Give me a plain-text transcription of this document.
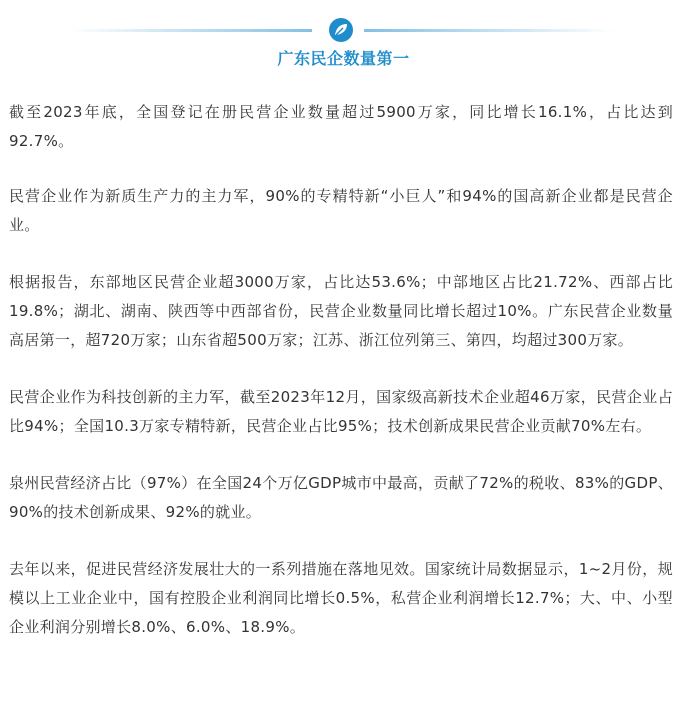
广东民企数量第一

截至2023年底，全国登记在册民营企业数量超过5900万家，同比增长16.1%，占比达到92.7%。

民营企业作为新质生产力的主力军，90%的专精特新“小巨人”和94%的国高新企业都是民营企业。

根据报告，东部地区民营企业超3000万家，占比达53.6%；中部地区占比21.72%、西部占比19.8%；湖北、湖南、陕西等中西部省份，民营企业数量同比增长超过10%。广东民营企业数量高居第一，超720万家；山东省超500万家；江苏、浙江位列第三、第四，均超过300万家。

民营企业作为科技创新的主力军，截至2023年12月，国家级高新技术企业超46万家，民营企业占比94%；全国10.3万家专精特新，民营企业占比95%；技术创新成果民营企业贡献70%左右。

泉州民营经济占比（97%）在全国24个万亿GDP城市中最高，贡献了72%的税收、83%的GDP、90%的技术创新成果、92%的就业。

去年以来，促进民营经济发展壮大的一系列措施在落地见效。国家统计局数据显示，1~2月份，规模以上工业企业中，国有控股企业利润同比增长0.5%，私营企业利润增长12.7%；大、中、小型企业利润分别增长8.0%、6.0%、18.9%。
